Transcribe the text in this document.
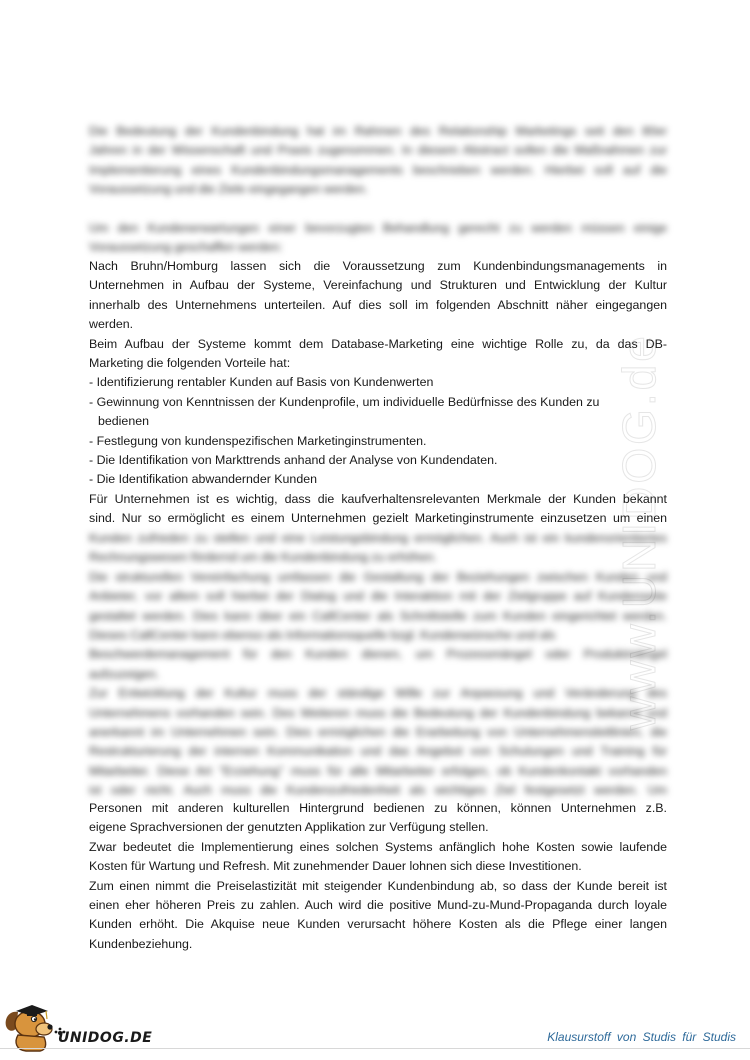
www.UNIDOG.de
Die Bedeutung der Kundenbindung hat im Rahmen des Relationship Marketings seit den 80er
Jahren in der Wissenschaft und Praxis zugenommen. In diesem Abstract sollen die Maßnahmen zur
Implementierung eines Kundenbindungsmanagements beschrieben werden. Hierbei soll auf die
Voraussetzung und die Ziele eingegangen werden.
Um den Kundenerwartungen einer bevorzugten Behandlung gerecht zu werden müssen einige
Voraussetzung geschaffen werden:
Nach Bruhn/Homburg lassen sich die Voraussetzung zum Kundenbindungsmanagements in
Unternehmen in Aufbau der Systeme, Vereinfachung und Strukturen und Entwicklung der Kultur
innerhalb des Unternehmens unterteilen. Auf dies soll im folgenden Abschnitt näher eingegangen
werden.
Beim Aufbau der Systeme kommt dem Database-Marketing eine wichtige Rolle zu, da das DB-
Marketing die folgenden Vorteile hat:
- Identifizierung rentabler Kunden auf Basis von Kundenwerten
- Gewinnung von Kenntnissen der Kundenprofile, um individuelle Bedürfnisse des Kunden zu
bedienen
- Festlegung von kundenspezifischen Marketinginstrumenten.
- Die Identifikation von Markttrends anhand der Analyse von Kundendaten.
- Die Identifikation abwandernder Kunden
Für Unternehmen ist es wichtig, dass die kaufverhaltensrelevanten Merkmale der Kunden bekannt
sind. Nur so ermöglicht es einem Unternehmen gezielt Marketinginstrumente einzusetzen um einen
Kunden zufrieden zu stellen und eine Leistungsbindung ermöglichen. Auch ist ein kundenorientiertes
Rechnungswesen fördernd um die Kundenbindung zu erhöhen.
Die strukturellen Vereinfachung umfassen die Gestaltung der Beziehungen zwischen Kunden und
Anbieter, vor allem soll hierbei der Dialog und die Interaktion mit der Zielgruppe auf Kundenseite
gestaltet werden. Dies kann über ein CallCenter als Schnittstelle zum Kunden eingerichtet werden.
Dieses CallCenter kann ebenso als Informationsquelle bzgl. Kundenwünsche und als
Beschwerdemanagement für den Kunden dienen, um Prozessmängel oder Produktmängel
aufzuzeigen.
Zur Entwicklung der Kultur muss der ständige Wille zur Anpassung und Veränderung des
Unternehmens vorhanden sein. Des Weiteren muss die Bedeutung der Kundenbindung bekannt und
anerkannt im Unternehmen sein. Dies ermöglichen die Erarbeitung von Unternehmensleitlinien, die
Restrukturierung der internen Kommunikation und das Angebot von Schulungen und Training für
Mitarbeiter. Diese Art "Erziehung" muss für alle Mitarbeiter erfolgen, ob Kundenkontakt vorhanden
ist oder nicht. Auch muss die Kundenzufriedenheit als wichtiges Ziel festgesetzt werden. Um
Personen mit anderen kulturellen Hintergrund bedienen zu können, können Unternehmen z.B.
eigene Sprachversionen der genutzten Applikation zur Verfügung stellen.
Zwar bedeutet die Implementierung eines solchen Systems anfänglich hohe Kosten sowie laufende
Kosten für Wartung und Refresh. Mit zunehmender Dauer lohnen sich diese Investitionen.
Zum einen nimmt die Preiselastizität mit steigender Kundenbindung ab, so dass der Kunde bereit ist
einen eher höheren Preis zu zahlen. Auch wird die positive Mund-zu-Mund-Propaganda durch loyale
Kunden erhöht. Die Akquise neue Kunden verursacht höhere Kosten als die Pflege einer langen
Kundenbeziehung.
UNIDOG.DE	Klausurstoff von Studis für Studis
